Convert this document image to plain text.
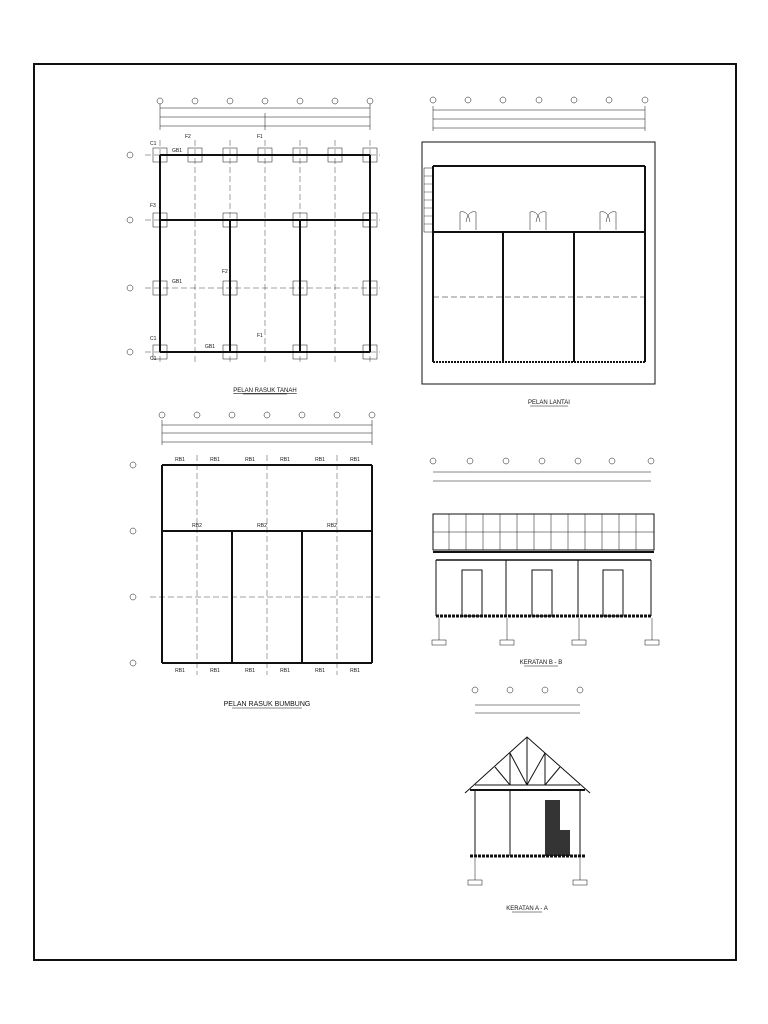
C1
F2
GB1
F1
F3
C1
GB1
F2
GB1
F1
C1
PELAN RASUK TANAH
PELAN LANTAI
RB1	RB1	RB1	RB1	RB1	RB1
RB2	RB2	RB2
RB1	RB1	RB1	RB1	RB1	RB1
PELAN RASUK BUMBUNG
KERATAN B - B
KERATAN A - A
